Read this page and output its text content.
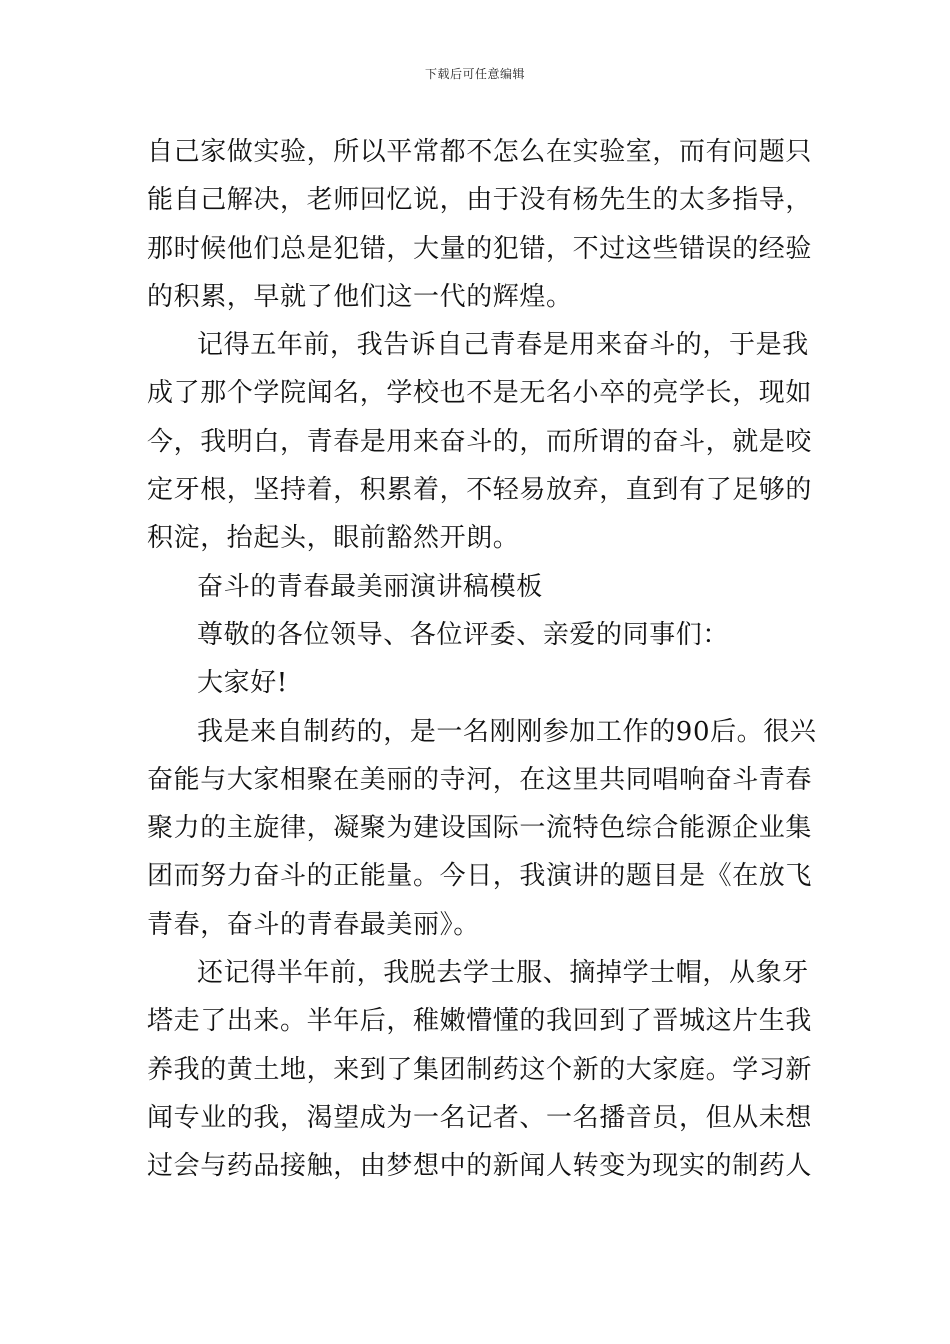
下载后可任意编辑
自己家做实验，所以平常都不怎么在实验室，而有问题只
能自己解决，老师回忆说，由于没有杨先生的太多指导，
那时候他们总是犯错，大量的犯错，不过这些错误的经验
的积累，早就了他们这一代的辉煌。
记得五年前，我告诉自己青春是用来奋斗的，于是我
成了那个学院闻名，学校也不是无名小卒的亮学长，现如
今，我明白，青春是用来奋斗的，而所谓的奋斗，就是咬
定牙根，坚持着，积累着，不轻易放弃，直到有了足够的
积淀，抬起头，眼前豁然开朗。
奋斗的青春最美丽演讲稿模板
尊敬的各位领导、各位评委、亲爱的同事们：
大家好!
我是来自制药的，是一名刚刚参加工作的90后。很兴
奋能与大家相聚在美丽的寺河，在这里共同唱响奋斗青春
聚力的主旋律，凝聚为建设国际一流特色综合能源企业集
团而努力奋斗的正能量。今日，我演讲的题目是《在放飞
青春，奋斗的青春最美丽》。
还记得半年前，我脱去学士服、摘掉学士帽，从象牙
塔走了出来。半年后，稚嫩懵懂的我回到了晋城这片生我
养我的黄土地，来到了集团制药这个新的大家庭。学习新
闻专业的我，渴望成为一名记者、一名播音员，但从未想
过会与药品接触，由梦想中的新闻人转变为现实的制药人
